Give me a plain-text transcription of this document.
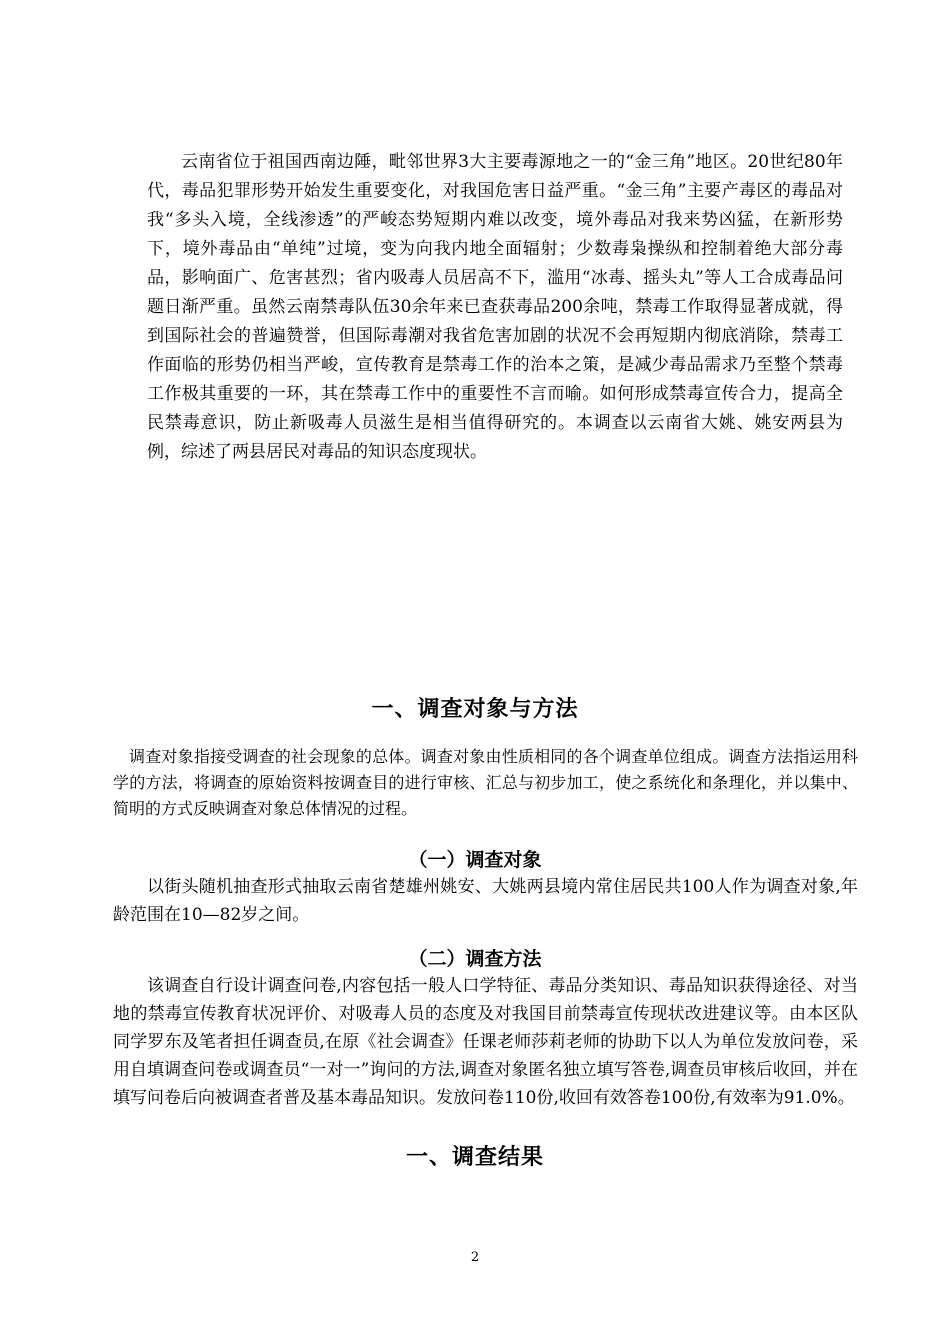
云南省位于祖国西南边陲，毗邻世界3大主要毒源地之一的“金三角”地区。20世纪80年代，毒品犯罪形势开始发生重要变化，对我国危害日益严重。“金三角”主要产毒区的毒品对我“多头入境，全线渗透”的严峻态势短期内难以改变，境外毒品对我来势凶猛，在新形势下，境外毒品由“单纯”过境，变为向我内地全面辐射；少数毒枭操纵和控制着绝大部分毒品，影响面广、危害甚烈；省内吸毒人员居高不下，滥用“冰毒、摇头丸”等人工合成毒品问题日渐严重。虽然云南禁毒队伍30余年来已查获毒品200余吨，禁毒工作取得显著成就，得到国际社会的普遍赞誉，但国际毒潮对我省危害加剧的状况不会再短期内彻底消除，禁毒工作面临的形势仍相当严峻，宣传教育是禁毒工作的治本之策，是减少毒品需求乃至整个禁毒工作极其重要的一环，其在禁毒工作中的重要性不言而喻。如何形成禁毒宣传合力，提高全民禁毒意识，防止新吸毒人员滋生是相当值得研究的。本调查以云南省大姚、姚安两县为例，综述了两县居民对毒品的知识态度现状。

一、调查对象与方法

调查对象指接受调查的社会现象的总体。调查对象由性质相同的各个调查单位组成。调查方法指运用科学的方法，将调查的原始资料按调查目的进行审核、汇总与初步加工，使之系统化和条理化，并以集中、简明的方式反映调查对象总体情况的过程。

（一）调查对象

以街头随机抽查形式抽取云南省楚雄州姚安、大姚两县境内常住居民共100人作为调查对象,年龄范围在10—82岁之间。

（二）调查方法

该调查自行设计调查问卷,内容包括一般人口学特征、毒品分类知识、毒品知识获得途径、对当地的禁毒宣传教育状况评价、对吸毒人员的态度及对我国目前禁毒宣传现状改进建议等。由本区队同学罗东及笔者担任调查员,在原《社会调查》任课老师莎莉老师的协助下以人为单位发放问卷，采用自填调查问卷或调查员“一对一”询问的方法,调查对象匿名独立填写答卷,调查员审核后收回，并在填写问卷后向被调查者普及基本毒品知识。发放问卷110份,收回有效答卷100份,有效率为91.0%。

一、调查结果

2
